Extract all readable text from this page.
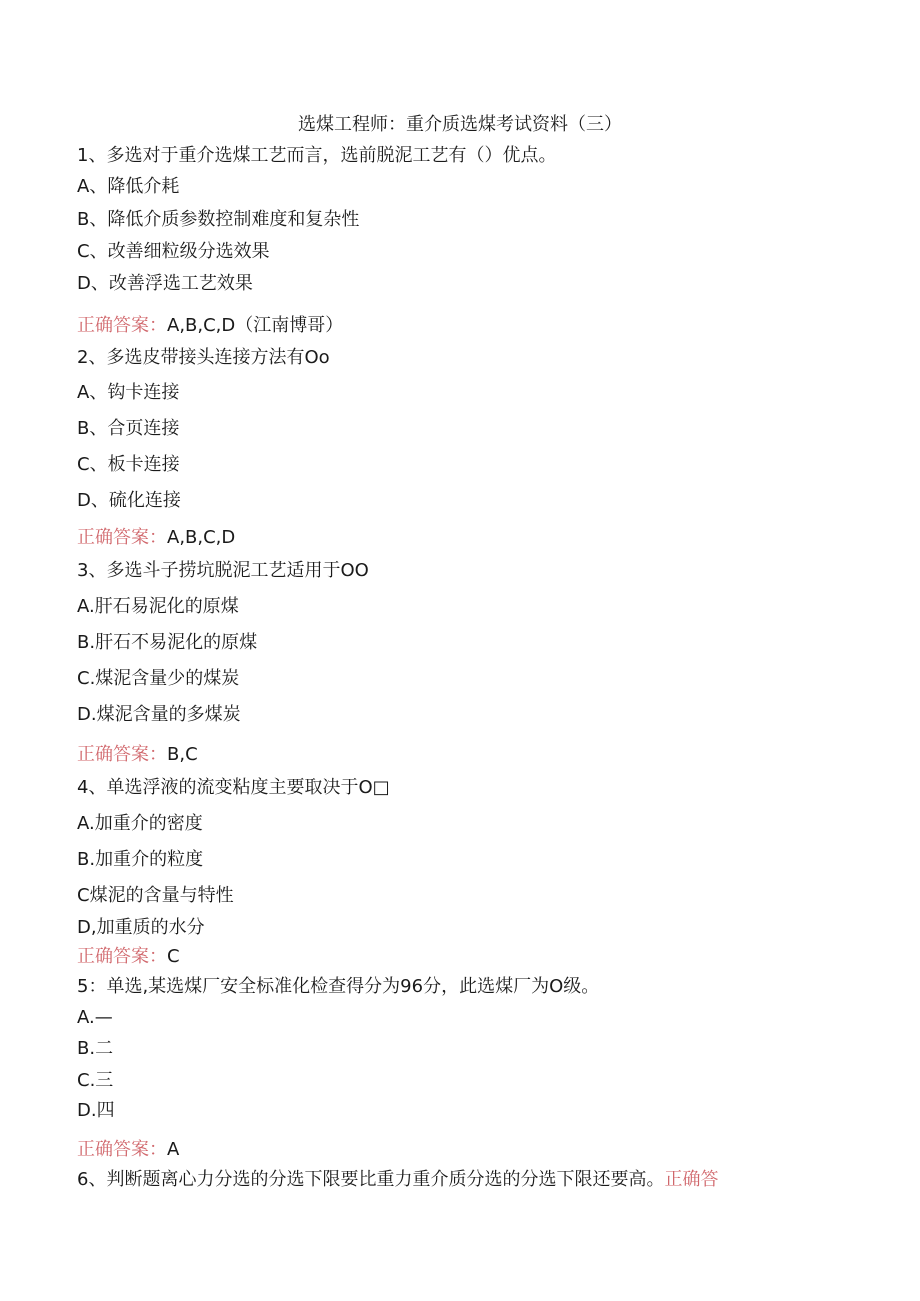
选煤工程师：重介质选煤考试资料（三）
1、多选对于重介选煤工艺而言，选前脱泥工艺有（）优点。
A、降低介耗
B、降低介质参数控制难度和复杂性
C、改善细粒级分选效果
D、改善浮选工艺效果
正确答案：A,B,C,D（江南博哥）
2、多选皮带接头连接方法有Oo
A、钩卡连接
B、合页连接
C、板卡连接
D、硫化连接
正确答案：A,B,C,D
3、多选斗子捞坑脱泥工艺适用于OO
A.肝石易泥化的原煤
B.肝石不易泥化的原煤
C.煤泥含量少的煤炭
D.煤泥含量的多煤炭
正确答案：B,C
4、单选浮液的流变粘度主要取决于O□
A.加重介的密度
B.加重介的粒度
C煤泥的含量与特性
D,加重质的水分
正确答案：C
5：单选,某选煤厂安全标准化检查得分为96分，此选煤厂为O级。
A.—
B.二
C.三
D.四
正确答案：A
6、判断题离心力分选的分选下限要比重力重介质分选的分选下限还要高。正确答
